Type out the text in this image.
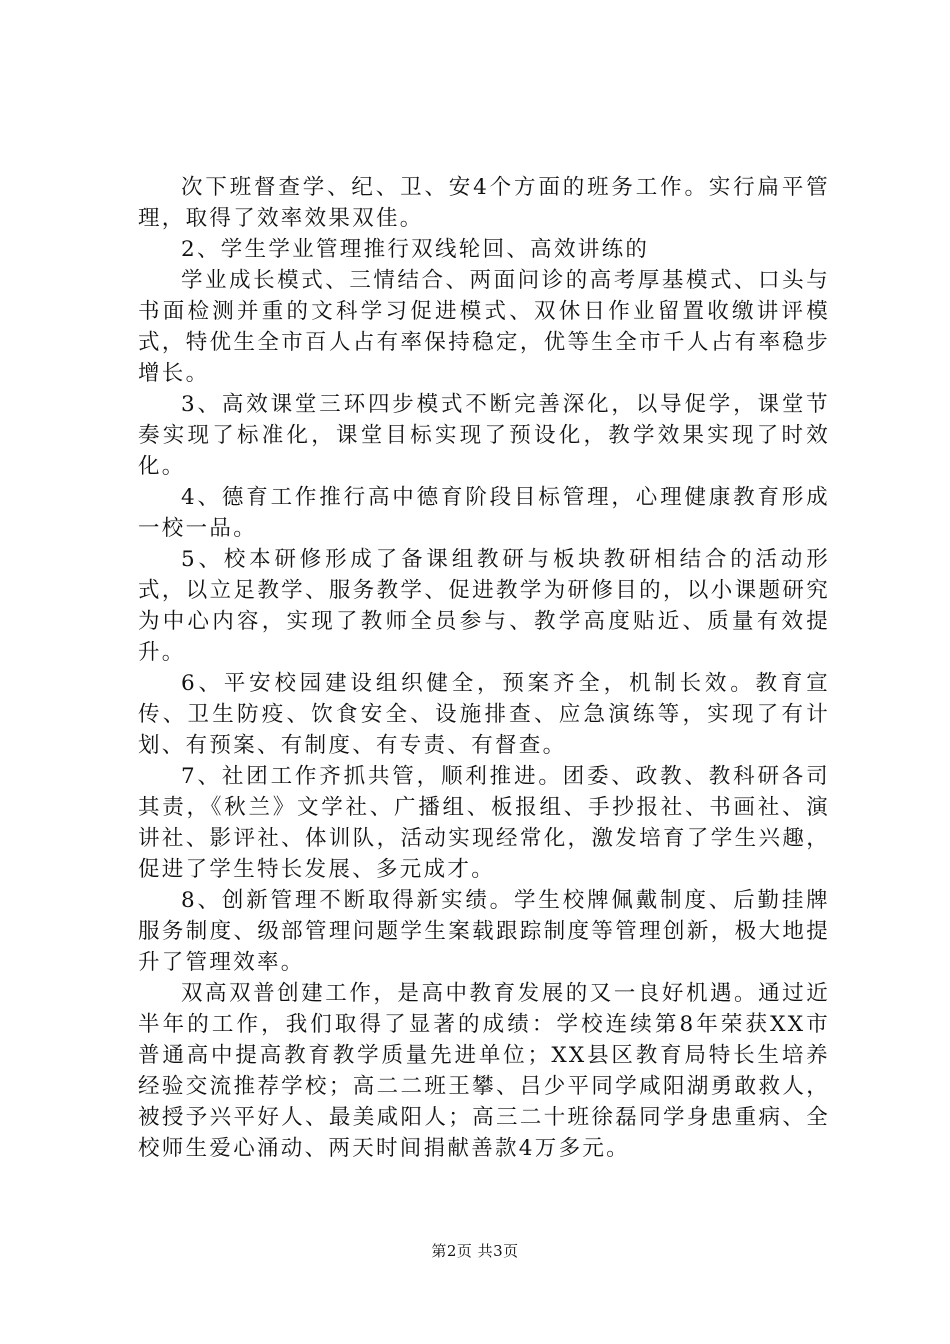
次下班督查学、纪、卫、安4个方面的班务工作。实行扁平管理，取得了效率效果双佳。

2、学生学业管理推行双线轮回、高效讲练的

学业成长模式、三情结合、两面问诊的高考厚基模式、口头与书面检测并重的文科学习促进模式、双休日作业留置收缴讲评模式，特优生全市百人占有率保持稳定，优等生全市千人占有率稳步增长。

3、高效课堂三环四步模式不断完善深化，以导促学，课堂节奏实现了标准化，课堂目标实现了预设化，教学效果实现了时效化。

4、德育工作推行高中德育阶段目标管理，心理健康教育形成一校一品。

5、校本研修形成了备课组教研与板块教研相结合的活动形式，以立足教学、服务教学、促进教学为研修目的，以小课题研究为中心内容，实现了教师全员参与、教学高度贴近、质量有效提升。

6、平安校园建设组织健全，预案齐全，机制长效。教育宣传、卫生防疫、饮食安全、设施排查、应急演练等，实现了有计划、有预案、有制度、有专责、有督查。

7、社团工作齐抓共管，顺利推进。团委、政教、教科研各司其责，《秋兰》文学社、广播组、板报组、手抄报社、书画社、演讲社、影评社、体训队，活动实现经常化，激发培育了学生兴趣，促进了学生特长发展、多元成才。

8、创新管理不断取得新实绩。学生校牌佩戴制度、后勤挂牌服务制度、级部管理问题学生案载跟踪制度等管理创新，极大地提升了管理效率。

双高双普创建工作，是高中教育发展的又一良好机遇。通过近半年的工作，我们取得了显著的成绩：学校连续第8年荣获XX市普通高中提高教育教学质量先进单位；XX县区教育局特长生培养经验交流推荐学校；高二二班王攀、吕少平同学咸阳湖勇敢救人，被授予兴平好人、最美咸阳人；高三二十班徐磊同学身患重病、全校师生爱心涌动、两天时间捐献善款4万多元。

第2页 共3页
